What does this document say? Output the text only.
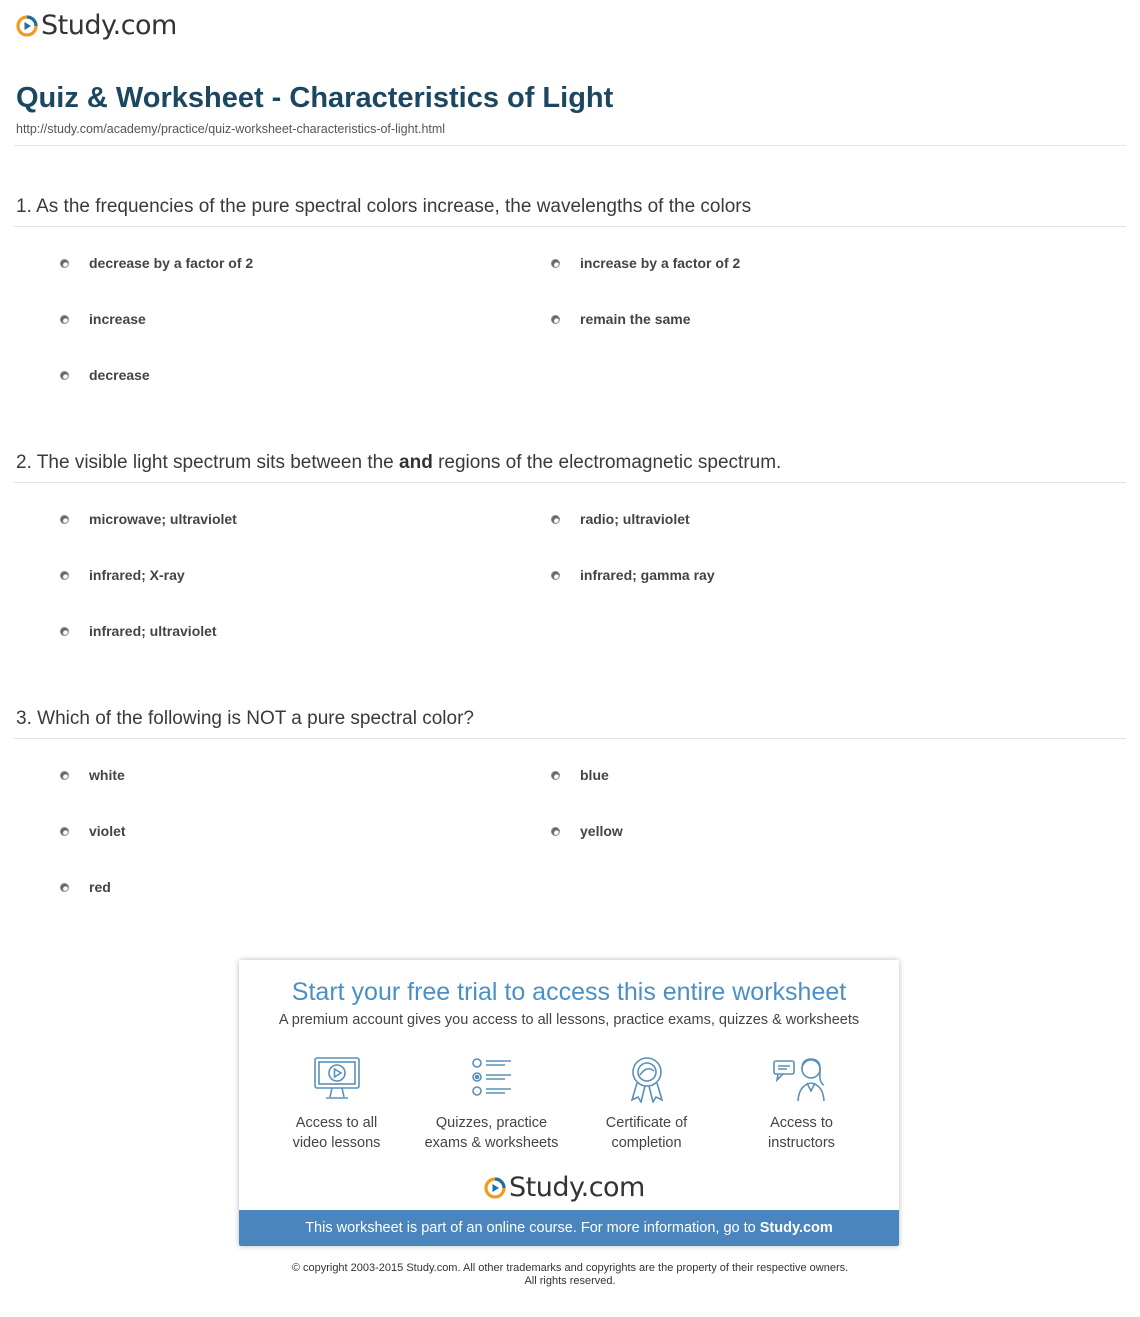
Study.com
Quiz & Worksheet - Characteristics of Light
http://study.com/academy/practice/quiz-worksheet-characteristics-of-light.html
1. As the frequencies of the pure spectral colors increase, the wavelengths of the colors
decrease by a factor of 2	increase by a factor of 2
increase	remain the same
decrease
2. The visible light spectrum sits between the and regions of the electromagnetic spectrum.
microwave; ultraviolet	radio; ultraviolet
infrared; X-ray	infrared; gamma ray
infrared; ultraviolet
3. Which of the following is NOT a pure spectral color?
white	blue
violet	yellow
red
Start your free trial to access this entire worksheet
A premium account gives you access to all lessons, practice exams, quizzes & worksheets
Access to all
video lessons
Quizzes, practice
exams & worksheets
Certificate of
completion
Access to
instructors
Study.com
This worksheet is part of an online course. For more information, go to Study.com
© copyright 2003-2015 Study.com. All other trademarks and copyrights are the property of their respective owners.
All rights reserved.
